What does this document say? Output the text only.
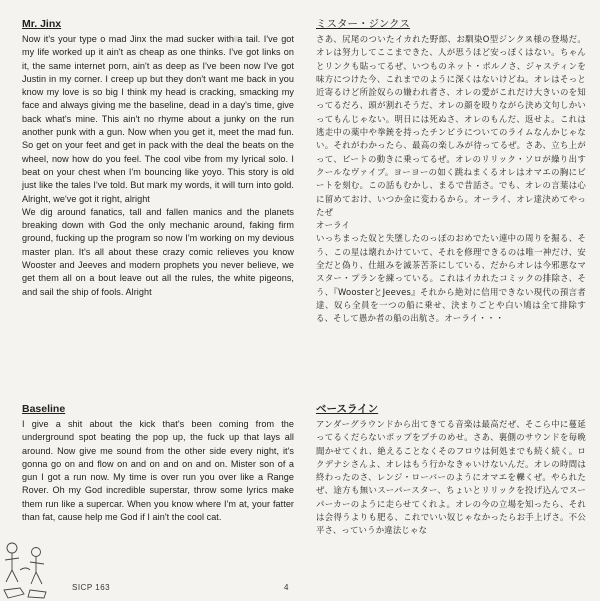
Mr. Jinx

Now it's your type o mad Jinx the mad sucker with a tail. I've got my life worked up it ain't as cheap as one thinks. I've got links on it, the same internet porn, ain't as deep as I've been now I've got Justin in my corner. I creep up but they don't want me back in you know my love is so big I think my head is cracking, smacking my face and always giving me the baseline, dead in a day's time, give back what's mine. This ain't no rhyme about a junky on the run another punk with a gun. Now when you get it, meet the mad fun. So get on your feet and get in pack with the deal the beats on the wheel, now how do you feel. The cool vibe from my lyrical solo. I beat on your chest when I'm bouncing like yoyo. This story is old just like the tales I've told. But mark my words, it will turn into gold. Alright, we've got it right, alright
We dig around fanatics, tall and fallen manics and the planets breaking down with God the only mechanic around, faking firm ground, fucking up the program so now I'm working on my devious master plan. It's all about these crazy comic relieves you know Wooster and Jeeves and modern prophets you never believe, we get them all on a bout leave out all the rules, the white pigeons, and sail the ship of fools. Alright

ミスター・ジンクス

さあ、尻尾のついたイカれた野郎、お馴染O型ジンクス様の登場だ。オレは努力してここまできた、人が思うほど安っぽくはない。ちゃんとリンクも貼ってるぜ、いつものネット・ポルノさ、ジャスティンを味方につけた今、これまでのように深くはないけどね。オレはそっと近寄るけど所詮奴らの嫌われ者さ、オレの愛がこれだけ大きいのを知ってるだろ、頭が割れそうだ、オレの顔を殴りながら決め文句しかいってもんじゃない。明日には死ぬさ、オレのもんだ、返せよ。これは逃走中の薬中や拳銃を持ったチンピラについてのライムなんかじゃない。それがわかったら、最高の楽しみが待ってるぜ。さあ、立ち上がって、ビートの動きに乗ってるぜ。オレのリリック・ソロが繰り出すクールなヴァイブ。ヨーヨーの如く跳ねまくるオレはオマエの胸にビートを刻む。この話もむかし、まるで昔話さ。でも、オレの言葉は心に留めておけ、いつか金に変わるから。オーライ、オレ達決めてやったぜ
オーライ
いっちまった奴と失墜したのっぽのおめでたい連中の周りを掘る、そう、この星は壊れかけていて、それを修理できるのは唯一神だけ、安全だと偽り、仕組みを滅茶苦茶にしている、だからオレは今邪悪なマスター・プランを練っている。これはイカれたコミックの排除さ、そう、『WoosterとJeeves』それから絶対に信用できない現代の預言者達、奴ら全員を一つの船に乗せ、決まりごとや白い鳩は全て排除する、そして愚か者の船の出航さ。オーライ・・・

Baseline

I give a shit about the kick that's been coming from the underground spot beating the pop up, the fuck up that lays all around. Now give me sound from the other side every night, it's gonna go on and flow on and on and on and on. Mister son of a gun I got a run now. My time is over run you over like a Range Rover. Oh my God incredible superstar, throw some lyrics make them run like a supercar. When you know where I'm at, your fatter than fat, cause help me God if I ain't the cool cat.

ベースライン

アンダーグラウンドから出てきてる音楽は最高だぜ、そこら中に蔓延ってるくだらないポップをブチのめせ。さあ、裏側のサウンドを毎晩聞かせてくれ、絶えることなくそのフロウは何処までも続く続く。ロクデナシさんよ、オレはもう行かなきゃいけないんだ。オレの時間は終わったのさ、レンジ・ローバーのようにオマエを轢くぜ。やられたぜ、途方も無いスーパースター、ちょいとリリックを投げ込んでスーパーカーのように走らせてくれよ。オレの今の立場を知ったら、それは会得うよりも肥る、これでいい奴じゃなかったらお手上げさ。不公平さ、っていうか違法じゃな

SICP 163	4
